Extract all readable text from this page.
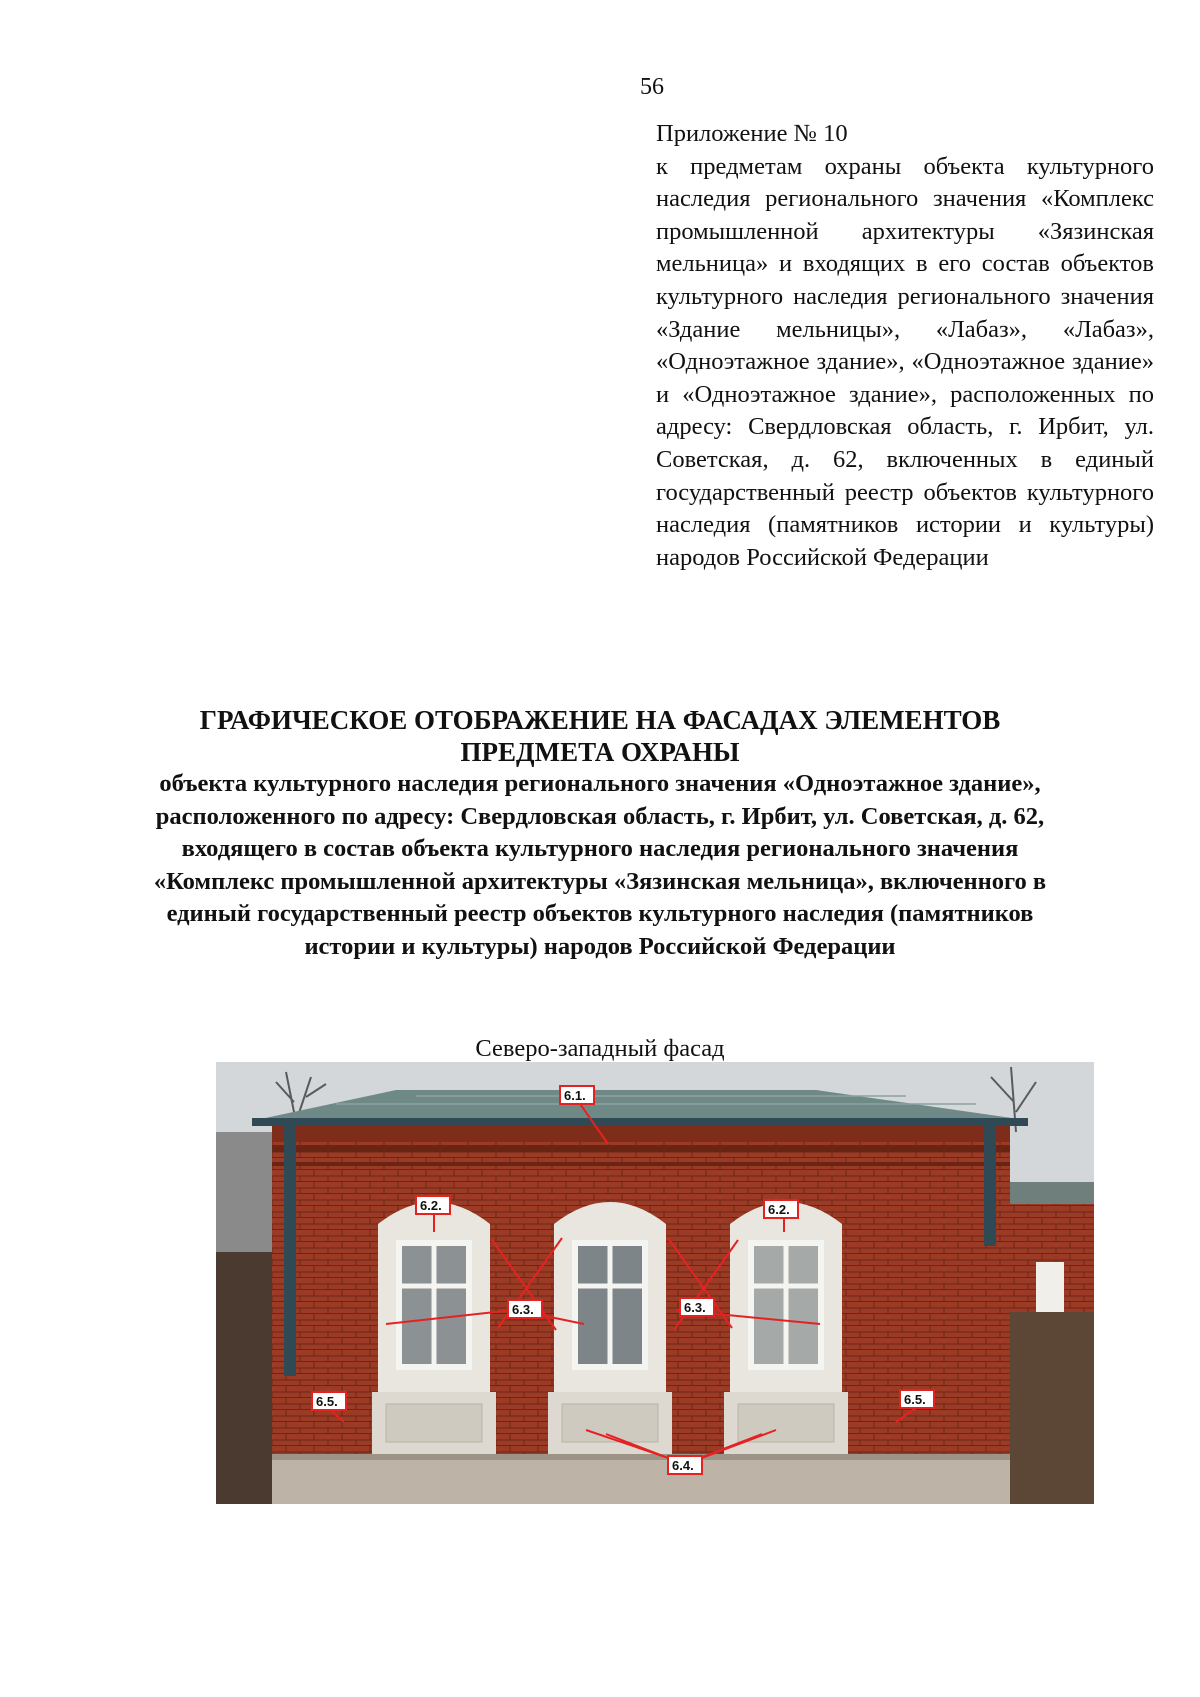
56
Приложение № 10
к предметам охраны объекта культурного наследия регионального значения «Комплекс промышленной архитектуры «Зязинская мельница» и входящих в его состав объектов культурного наследия регионального значения «Здание мельницы», «Лабаз», «Лабаз», «Одноэтажное здание», «Одноэтажное здание» и «Одноэтажное здание», расположенных по адресу: Свердловская область, г. Ирбит, ул. Советская, д. 62, включенных в единый государственный реестр объектов культурного наследия (памятников истории и культуры) народов Российской Федерации
ГРАФИЧЕСКОЕ ОТОБРАЖЕНИЕ НА ФАСАДАХ ЭЛЕМЕНТОВ ПРЕДМЕТА ОХРАНЫ
объекта культурного наследия регионального значения «Одноэтажное здание», расположенного по адресу: Свердловская область, г. Ирбит, ул. Советская, д. 62, входящего в состав объекта культурного наследия регионального значения «Комплекс промышленной архитектуры «Зязинская мельница», включенного в единый государственный реестр объектов культурного наследия (памятников истории и культуры) народов Российской Федерации
Северо-западный фасад
6.1.
6.2.	6.2.
6.3.	6.3.
6.4.
6.5.	6.5.
